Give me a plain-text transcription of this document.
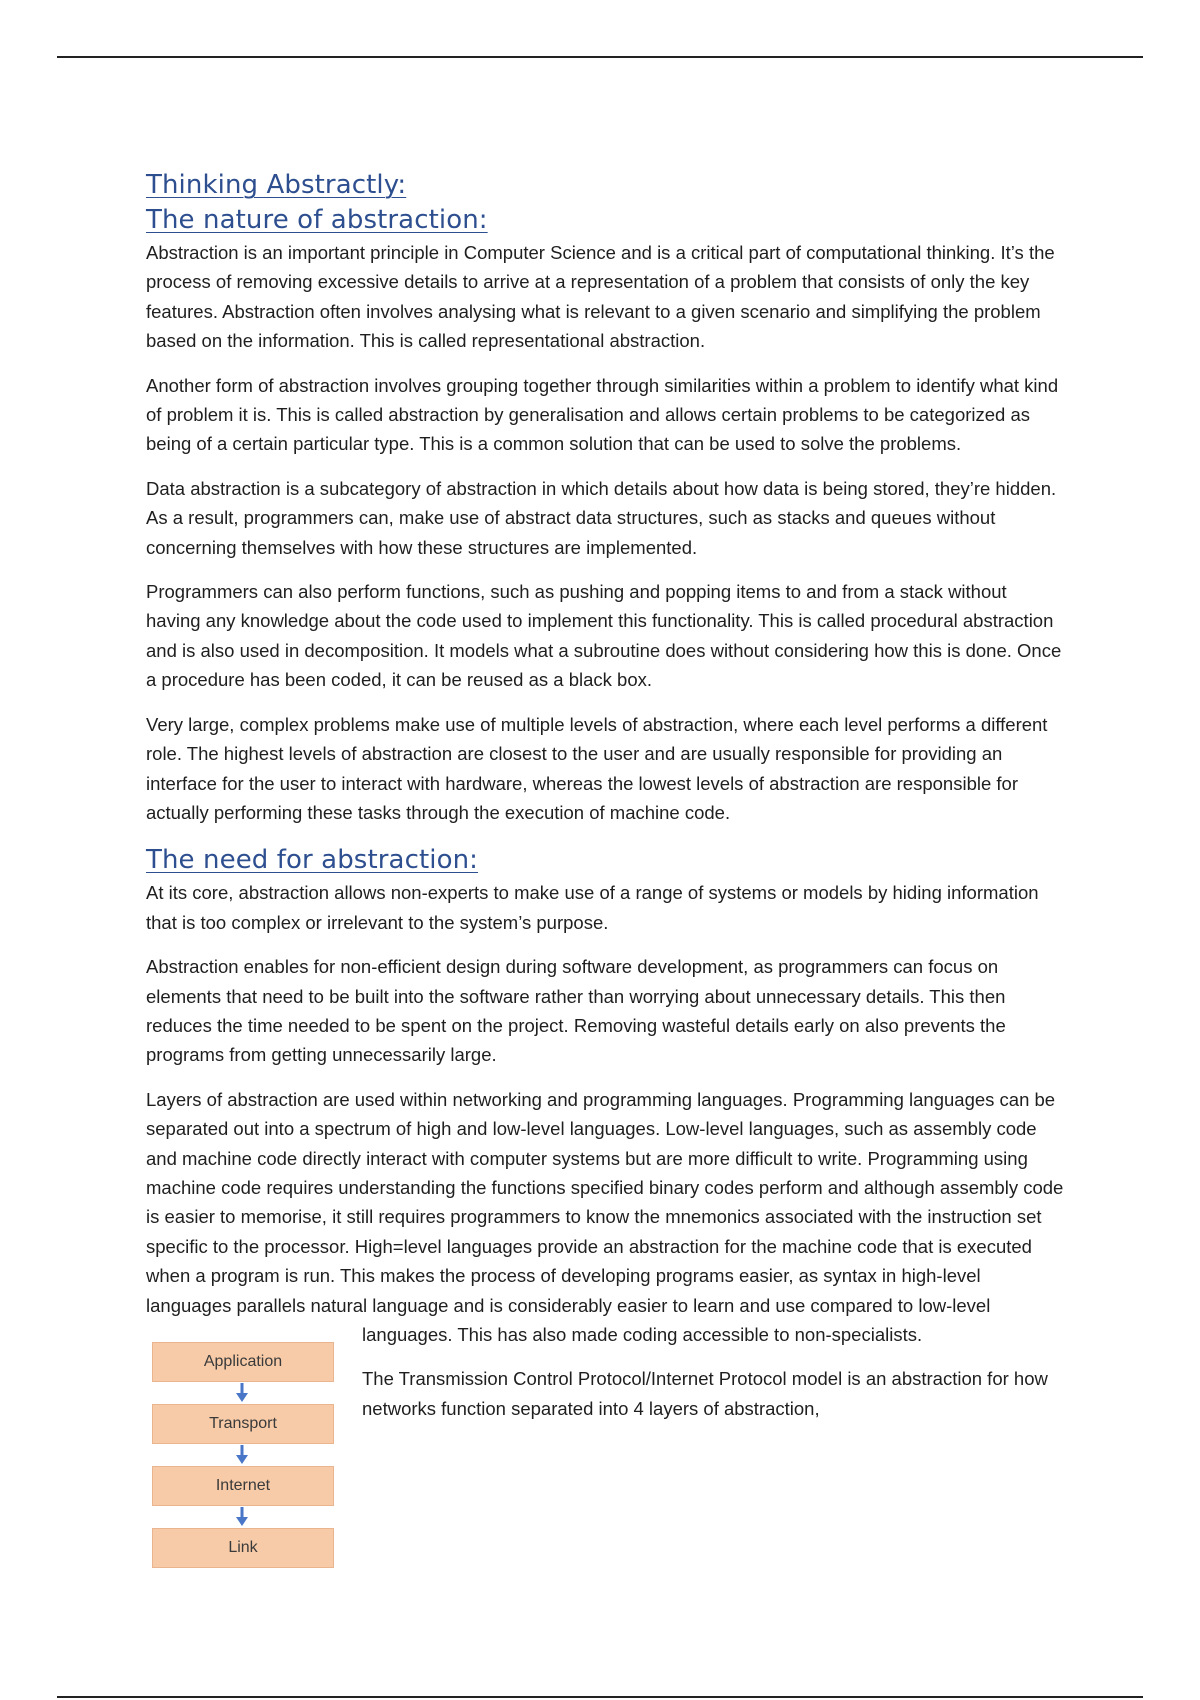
Thinking Abstractly:
The nature of abstraction:

Abstraction is an important principle in Computer Science and is a critical part of computational thinking. It’s the process of removing excessive details to arrive at a representation of a problem that consists of only the key features. Abstraction often involves analysing what is relevant to a given scenario and simplifying the problem based on the information. This is called representational abstraction.

Another form of abstraction involves grouping together through similarities within a problem to identify what kind of problem it is. This is called abstraction by generalisation and allows certain problems to be categorized as being of a certain particular type. This is a common solution that can be used to solve the problems.

Data abstraction is a subcategory of abstraction in which details about how data is being stored, they’re hidden. As a result, programmers can, make use of abstract data structures, such as stacks and queues without concerning themselves with how these structures are implemented.

Programmers can also perform functions, such as pushing and popping items to and from a stack without having any knowledge about the code used to implement this functionality. This is called procedural abstraction and is also used in decomposition. It models what a subroutine does without considering how this is done. Once a procedure has been coded, it can be reused as a black box.

Very large, complex problems make use of multiple levels of abstraction, where each level performs a different role. The highest levels of abstraction are closest to the user and are usually responsible for providing an interface for the user to interact with hardware, whereas the lowest levels of abstraction are responsible for actually performing these tasks through the execution of machine code.

The need for abstraction:

At its core, abstraction allows non-experts to make use of a range of systems or models by hiding information that is too complex or irrelevant to the system’s purpose.

Abstraction enables for non-efficient design during software development, as programmers can focus on elements that need to be built into the software rather than worrying about unnecessary details. This then reduces the time needed to be spent on the project. Removing wasteful details early on also prevents the programs from getting unnecessarily large.

Layers of abstraction are used within networking and programming languages. Programming languages can be separated out into a spectrum of high and low-level languages. Low-level languages, such as assembly code and machine code directly interact with computer systems but are more difficult to write. Programming using machine code requires understanding the functions specified binary codes perform and although assembly code is easier to memorise, it still requires programmers to know the mnemonics associated with the instruction set specific to the processor. High=level languages provide an abstraction for the machine code that is executed when a program is run. This makes the process of developing programs easier, as syntax in high-level languages parallels natural language and is considerably easier to learn and use compared to low-level

Application
Transport
Internet
Link

languages. This has also made coding accessible to non-specialists.

The Transmission Control Protocol/Internet Protocol model is an abstraction for how networks function separated into 4 layers of abstraction,
